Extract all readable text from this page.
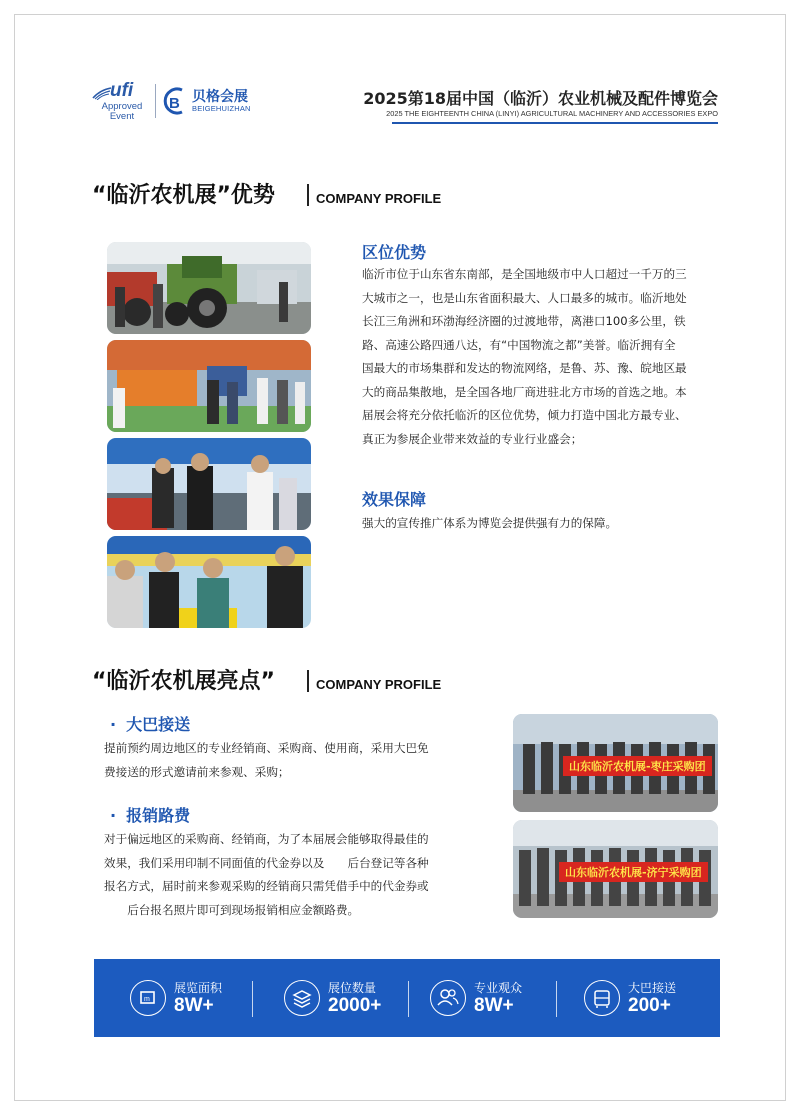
ufi
Approved
Event
B 贝格会展
BEIGEHUIZHAN
2025第18届中国（临沂）农业机械及配件博览会
2025 THE EIGHTEENTH CHINA (LINYI) AGRICULTURAL MACHINERY AND ACCESSORIES EXPO
“临沂农机展”优势	COMPANY PROFILE
区位优势
临沂市位于山东省东南部，是全国地级市中人口超过一千万的三
大城市之一，也是山东省面积最大、人口最多的城市。临沂地处
长江三角洲和环渤海经济圈的过渡地带，离港口100多公里，铁
路、高速公路四通八达，有“中国物流之都”美誉。临沂拥有全
国最大的市场集群和发达的物流网络，是鲁、苏、豫、皖地区最
大的商品集散地，是全国各地厂商进驻北方市场的首选之地。本
届展会将充分依托临沂的区位优势，倾力打造中国北方最专业、
真正为参展企业带来效益的专业行业盛会；
效果保障
强大的宣传推广体系为博览会提供强有力的保障。
“临沂农机展亮点”	COMPANY PROFILE
· 大巴接送
提前预约周边地区的专业经销商、采购商、使用商，采用大巴免
费接送的形式邀请前来参观、采购；
· 报销路费
对于偏远地区的采购商、经销商，为了本届展会能够取得最佳的
效果，我们采用印制不同面值的代金券以及　　后台登记等各种
报名方式，届时前来参观采购的经销商只需凭借手中的代金券或
　　后台报名照片即可到现场报销相应金额路费。
山东临沂农机展-枣庄采购团
山东临沂农机展-济宁采购团
m
展览面积
8W+
展位数量
2000+
专业观众
8W+
大巴接送
200+
